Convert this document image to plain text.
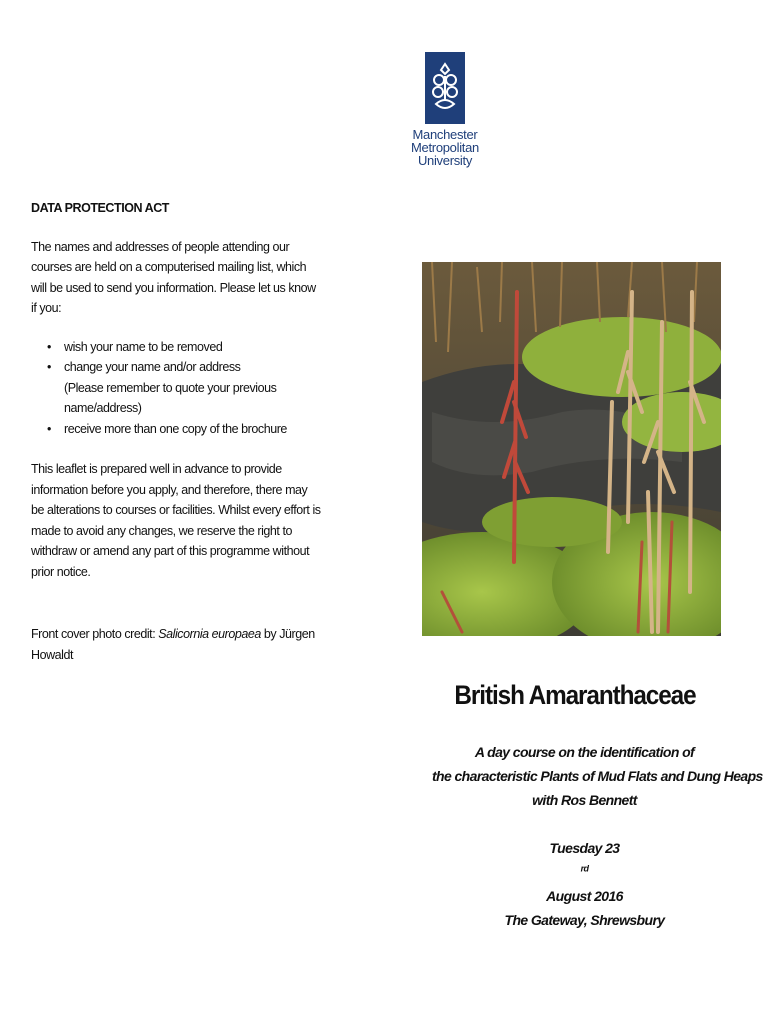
Manchester
Metropolitan
University

DATA PROTECTION ACT

The names and addresses of people attending our courses are held on a computerised mailing list, which will be used to send you information. Please let us know if you:

• wish your name to be removed
• change your name and/or address
(Please remember to quote your previous name/address)
• receive more than one copy of the brochure

This leaflet is prepared well in advance to provide information before you apply, and therefore, there may be alterations to courses or facilities. Whilst every effort is made to avoid any changes, we reserve the right to withdraw or amend any part of this programme without prior notice.

Front cover photo credit: Salicornia europaea by Jürgen Howaldt

British Amaranthaceae
A day course on the identification of
the characteristic Plants of Mud Flats and Dung Heaps
with Ros Bennett
Tuesday 23
$^{rd}$
August 2016
The Gateway, Shrewsbury
